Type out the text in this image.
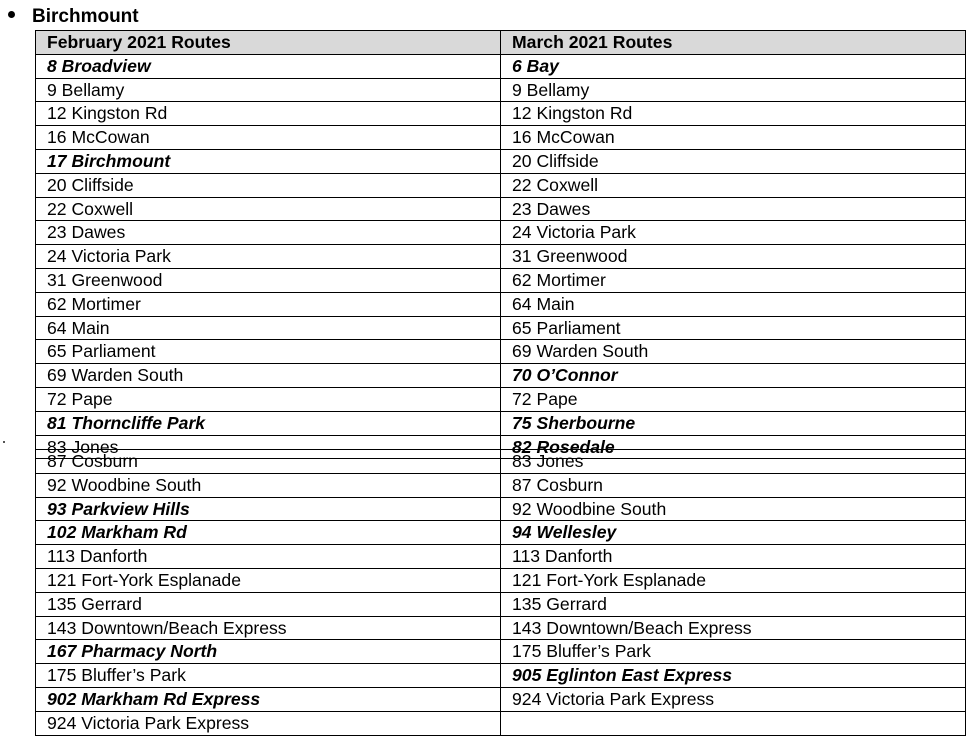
Birchmount
February 2021 Routes	March 2021 Routes
8 Broadview	6 Bay
9 Bellamy	9 Bellamy
12 Kingston Rd	12 Kingston Rd
16 McCowan	16 McCowan
17 Birchmount	20 Cliffside
20 Cliffside	22 Coxwell
22 Coxwell	23 Dawes
23 Dawes	24 Victoria Park
24 Victoria Park	31 Greenwood
31 Greenwood	62 Mortimer
62 Mortimer	64 Main
64 Main	65 Parliament
65 Parliament	69 Warden South
69 Warden South	70 O’Connor
72 Pape	72 Pape
81 Thorncliffe Park	75 Sherbourne
83 Jones	82 Rosedale
87 Cosburn	83 Jones
92 Woodbine South	87 Cosburn
93 Parkview Hills	92 Woodbine South
102 Markham Rd	94 Wellesley
113 Danforth	113 Danforth
121 Fort-York Esplanade	121 Fort-York Esplanade
135 Gerrard	135 Gerrard
143 Downtown/Beach Express	143 Downtown/Beach Express
167 Pharmacy North	175 Bluffer’s Park
175 Bluffer’s Park	905 Eglinton East Express
902 Markham Rd Express	924 Victoria Park Express
924 Victoria Park Express	
